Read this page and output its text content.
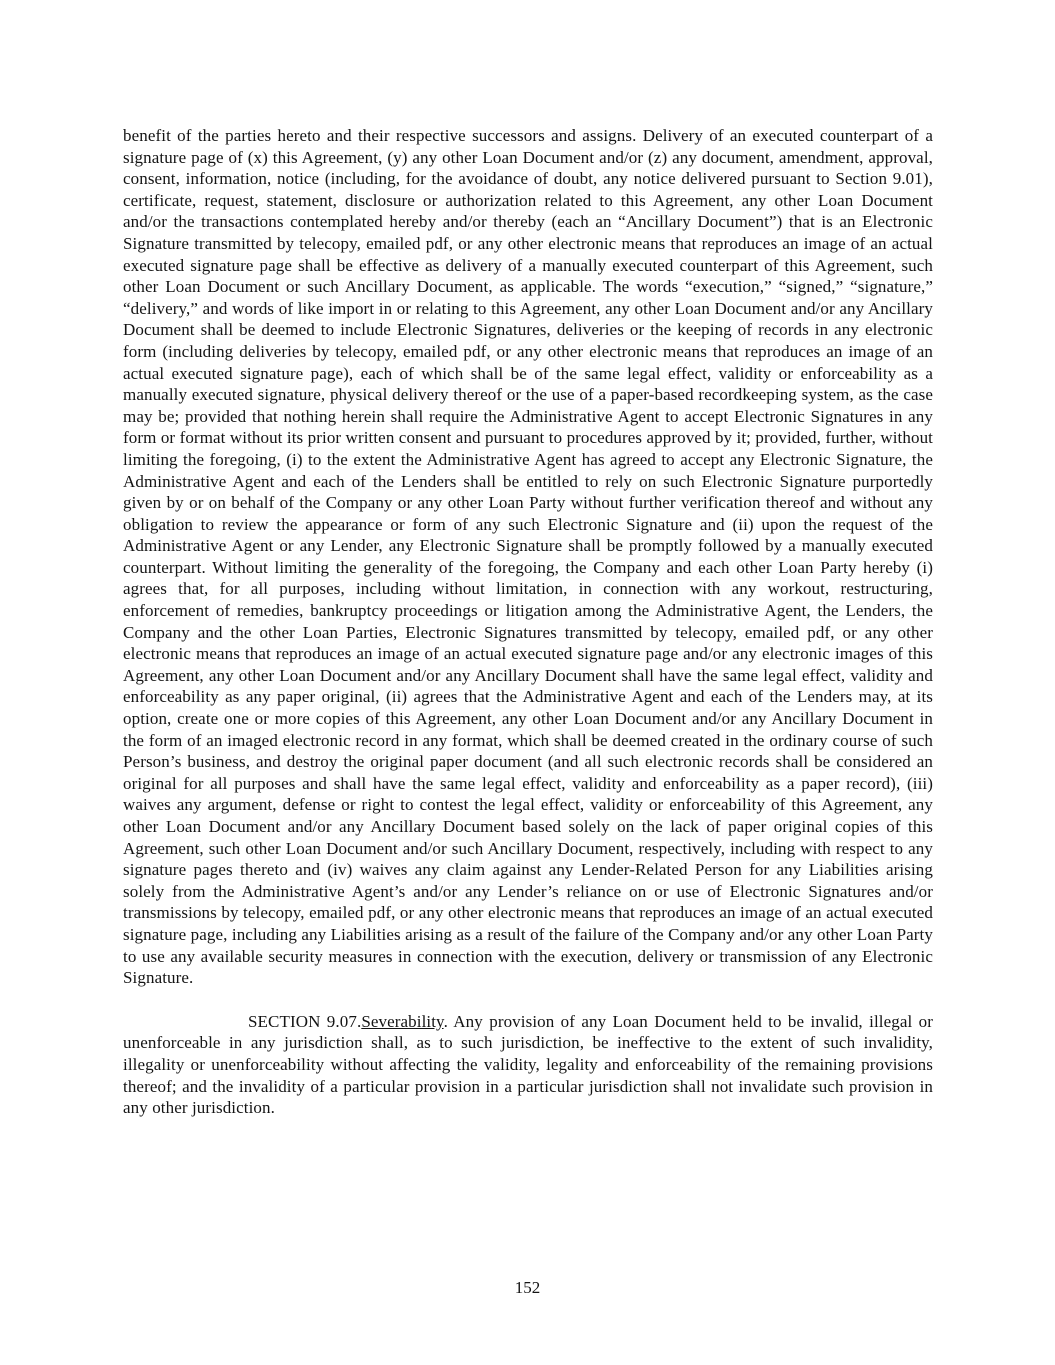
benefit of the parties hereto and their respective successors and assigns. Delivery of an executed counterpart of a signature page of (x) this Agreement, (y) any other Loan Document and/or (z) any document, amendment, approval, consent, information, notice (including, for the avoidance of doubt, any notice delivered pursuant to Section 9.01), certificate, request, statement, disclosure or authorization related to this Agreement, any other Loan Document and/or the transactions contemplated hereby and/or thereby (each an “Ancillary Document”) that is an Electronic Signature transmitted by telecopy, emailed pdf, or any other electronic means that reproduces an image of an actual executed signature page shall be effective as delivery of a manually executed counterpart of this Agreement, such other Loan Document or such Ancillary Document, as applicable. The words “execution,” “signed,” “signature,” “delivery,” and words of like import in or relating to this Agreement, any other Loan Document and/or any Ancillary Document shall be deemed to include Electronic Signatures, deliveries or the keeping of records in any electronic form (including deliveries by telecopy, emailed pdf, or any other electronic means that reproduces an image of an actual executed signature page), each of which shall be of the same legal effect, validity or enforceability as a manually executed signature, physical delivery thereof or the use of a paper-based recordkeeping system, as the case may be; provided that nothing herein shall require the Administrative Agent to accept Electronic Signatures in any form or format without its prior written consent and pursuant to procedures approved by it; provided, further, without limiting the foregoing, (i) to the extent the Administrative Agent has agreed to accept any Electronic Signature, the Administrative Agent and each of the Lenders shall be entitled to rely on such Electronic Signature purportedly given by or on behalf of the Company or any other Loan Party without further verification thereof and without any obligation to review the appearance or form of any such Electronic Signature and (ii) upon the request of the Administrative Agent or any Lender, any Electronic Signature shall be promptly followed by a manually executed counterpart. Without limiting the generality of the foregoing, the Company and each other Loan Party hereby (i) agrees that, for all purposes, including without limitation, in connection with any workout, restructuring, enforcement of remedies, bankruptcy proceedings or litigation among the Administrative Agent, the Lenders, the Company and the other Loan Parties, Electronic Signatures transmitted by telecopy, emailed pdf, or any other electronic means that reproduces an image of an actual executed signature page and/or any electronic images of this Agreement, any other Loan Document and/or any Ancillary Document shall have the same legal effect, validity and enforceability as any paper original, (ii) agrees that the Administrative Agent and each of the Lenders may, at its option, create one or more copies of this Agreement, any other Loan Document and/or any Ancillary Document in the form of an imaged electronic record in any format, which shall be deemed created in the ordinary course of such Person’s business, and destroy the original paper document (and all such electronic records shall be considered an original for all purposes and shall have the same legal effect, validity and enforceability as a paper record), (iii) waives any argument, defense or right to contest the legal effect, validity or enforceability of this Agreement, any other Loan Document and/or any Ancillary Document based solely on the lack of paper original copies of this Agreement, such other Loan Document and/or such Ancillary Document, respectively, including with respect to any signature pages thereto and (iv) waives any claim against any Lender-Related Person for any Liabilities arising solely from the Administrative Agent’s and/or any Lender’s reliance on or use of Electronic Signatures and/or transmissions by telecopy, emailed pdf, or any other electronic means that reproduces an image of an actual executed signature page, including any Liabilities arising as a result of the failure of the Company and/or any other Loan Party to use any available security measures in connection with the execution, delivery or transmission of any Electronic Signature.

SECTION 9.07.Severability. Any provision of any Loan Document held to be invalid, illegal or unenforceable in any jurisdiction shall, as to such jurisdiction, be ineffective to the extent of such invalidity, illegality or unenforceability without affecting the validity, legality and enforceability of the remaining provisions thereof; and the invalidity of a particular provision in a particular jurisdiction shall not invalidate such provision in any other jurisdiction.

152
